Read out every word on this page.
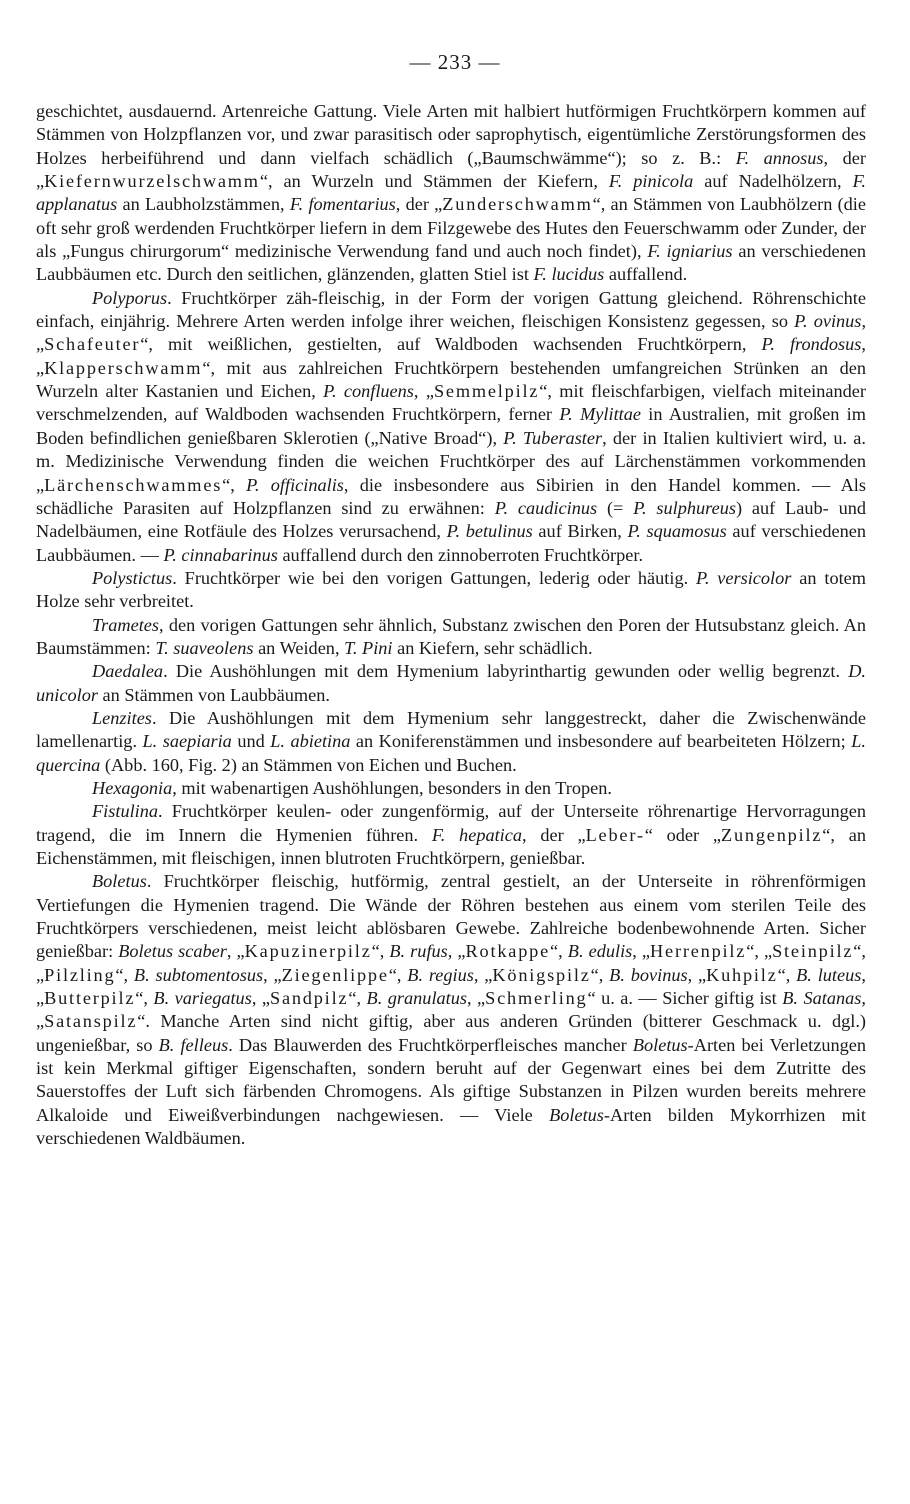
— 233 —

geschichtet, ausdauernd. Artenreiche Gattung. Viele Arten mit halbiert hutförmigen Fruchtkörpern kommen auf Stämmen von Holzpflanzen vor, und zwar parasitisch oder saprophytisch, eigentümliche Zerstörungsformen des Holzes herbeiführend und dann vielfach schädlich („Baumschwämme“); so z. B.: F. annosus, der „Kiefernwurzelschwamm“, an Wurzeln und Stämmen der Kiefern, F. pinicola auf Nadelhölzern, F. applanatus an Laubholzstämmen, F. fomentarius, der „Zunderschwamm“, an Stämmen von Laubhölzern (die oft sehr groß werdenden Fruchtkörper liefern in dem Filzgewebe des Hutes den Feuerschwamm oder Zunder, der als „Fungus chirurgorum“ medizinische Verwendung fand und auch noch findet), F. igniarius an verschiedenen Laubbäumen etc. Durch den seitlichen, glänzenden, glatten Stiel ist F. lucidus auffallend.

Polyporus. Fruchtkörper zäh-fleischig, in der Form der vorigen Gattung gleichend. Röhrenschichte einfach, einjährig. Mehrere Arten werden infolge ihrer weichen, fleischigen Konsistenz gegessen, so P. ovinus, „Schafeuter“, mit weißlichen, gestielten, auf Waldboden wachsenden Fruchtkörpern, P. frondosus, „Klapperschwamm“, mit aus zahlreichen Fruchtkörpern bestehenden umfangreichen Strünken an den Wurzeln alter Kastanien und Eichen, P. confluens, „Semmelpilz“, mit fleischfarbigen, vielfach miteinander verschmelzenden, auf Waldboden wachsenden Fruchtkörpern, ferner P. Mylittae in Australien, mit großen im Boden befindlichen genießbaren Sklerotien („Native Broad“), P. Tuberaster, der in Italien kultiviert wird, u. a. m. Medizinische Verwendung finden die weichen Fruchtkörper des auf Lärchenstämmen vorkommenden „Lärchenschwammes“, P. officinalis, die insbesondere aus Sibirien in den Handel kommen. — Als schädliche Parasiten auf Holzpflanzen sind zu erwähnen: P. caudicinus (= P. sulphureus) auf Laub- und Nadelbäumen, eine Rotfäule des Holzes verursachend, P. betulinus auf Birken, P. squamosus auf verschiedenen Laubbäumen. — P. cinnabarinus auffallend durch den zinnoberroten Fruchtkörper.

Polystictus. Fruchtkörper wie bei den vorigen Gattungen, lederig oder häutig. P. versicolor an totem Holze sehr verbreitet.

Trametes, den vorigen Gattungen sehr ähnlich, Substanz zwischen den Poren der Hutsubstanz gleich. An Baumstämmen: T. suaveolens an Weiden, T. Pini an Kiefern, sehr schädlich.

Daedalea. Die Aushöhlungen mit dem Hymenium labyrinthartig gewunden oder wellig begrenzt. D. unicolor an Stämmen von Laubbäumen.

Lenzites. Die Aushöhlungen mit dem Hymenium sehr langgestreckt, daher die Zwischenwände lamellenartig. L. saepiaria und L. abietina an Koniferenstämmen und insbesondere auf bearbeiteten Hölzern; L. quercina (Abb. 160, Fig. 2) an Stämmen von Eichen und Buchen.

Hexagonia, mit wabenartigen Aushöhlungen, besonders in den Tropen.

Fistulina. Fruchtkörper keulen- oder zungenförmig, auf der Unterseite röhrenartige Hervorragungen tragend, die im Innern die Hymenien führen. F. hepatica, der „Leber-“ oder „Zungenpilz“, an Eichenstämmen, mit fleischigen, innen blutroten Fruchtkörpern, genießbar.

Boletus. Fruchtkörper fleischig, hutförmig, zentral gestielt, an der Unterseite in röhrenförmigen Vertiefungen die Hymenien tragend. Die Wände der Röhren bestehen aus einem vom sterilen Teile des Fruchtkörpers verschiedenen, meist leicht ablösbaren Gewebe. Zahlreiche bodenbewohnende Arten. Sicher genießbar: Boletus scaber, „Kapuzinerpilz“, B. rufus, „Rotkappe“, B. edulis, „Herrenpilz“, „Steinpilz“, „Pilzling“, B. subtomentosus, „Ziegenlippe“, B. regius, „Königspilz“, B. bovinus, „Kuhpilz“, B. luteus, „Butterpilz“, B. variegatus, „Sandpilz“, B. granulatus, „Schmerling“ u. a. — Sicher giftig ist B. Satanas, „Satanspilz“. Manche Arten sind nicht giftig, aber aus anderen Gründen (bitterer Geschmack u. dgl.) ungenießbar, so B. felleus. Das Blauwerden des Fruchtkörperfleisches mancher Boletus-Arten bei Verletzungen ist kein Merkmal giftiger Eigenschaften, sondern beruht auf der Gegenwart eines bei dem Zutritte des Sauerstoffes der Luft sich färbenden Chromogens. Als giftige Substanzen in Pilzen wurden bereits mehrere Alkaloide und Eiweißverbindungen nachgewiesen. — Viele Boletus-Arten bilden Mykorrhizen mit verschiedenen Waldbäumen.
